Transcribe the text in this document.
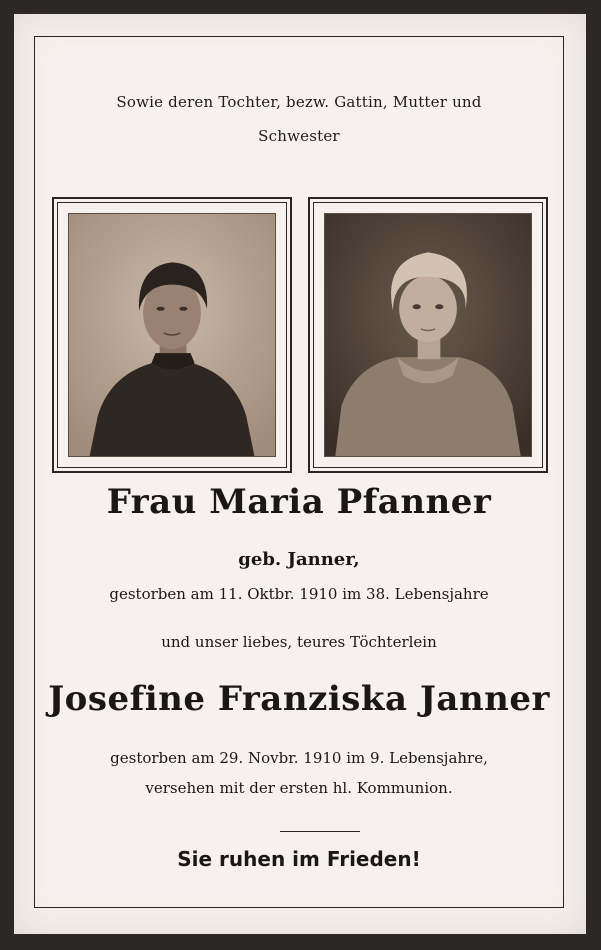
Sowie deren Tochter, bezw. Gattin, Mutter und
Schwester
Frau Maria Pfanner
geb. Janner,
gestorben am 11. Oktbr. 1910 im 38. Lebensjahre
und unser liebes, teures Töchterlein
Josefine Franziska Janner
gestorben am 29. Novbr. 1910 im 9. Lebensjahre,
versehen mit der ersten hl. Kommunion.
Sie ruhen im Frieden!
